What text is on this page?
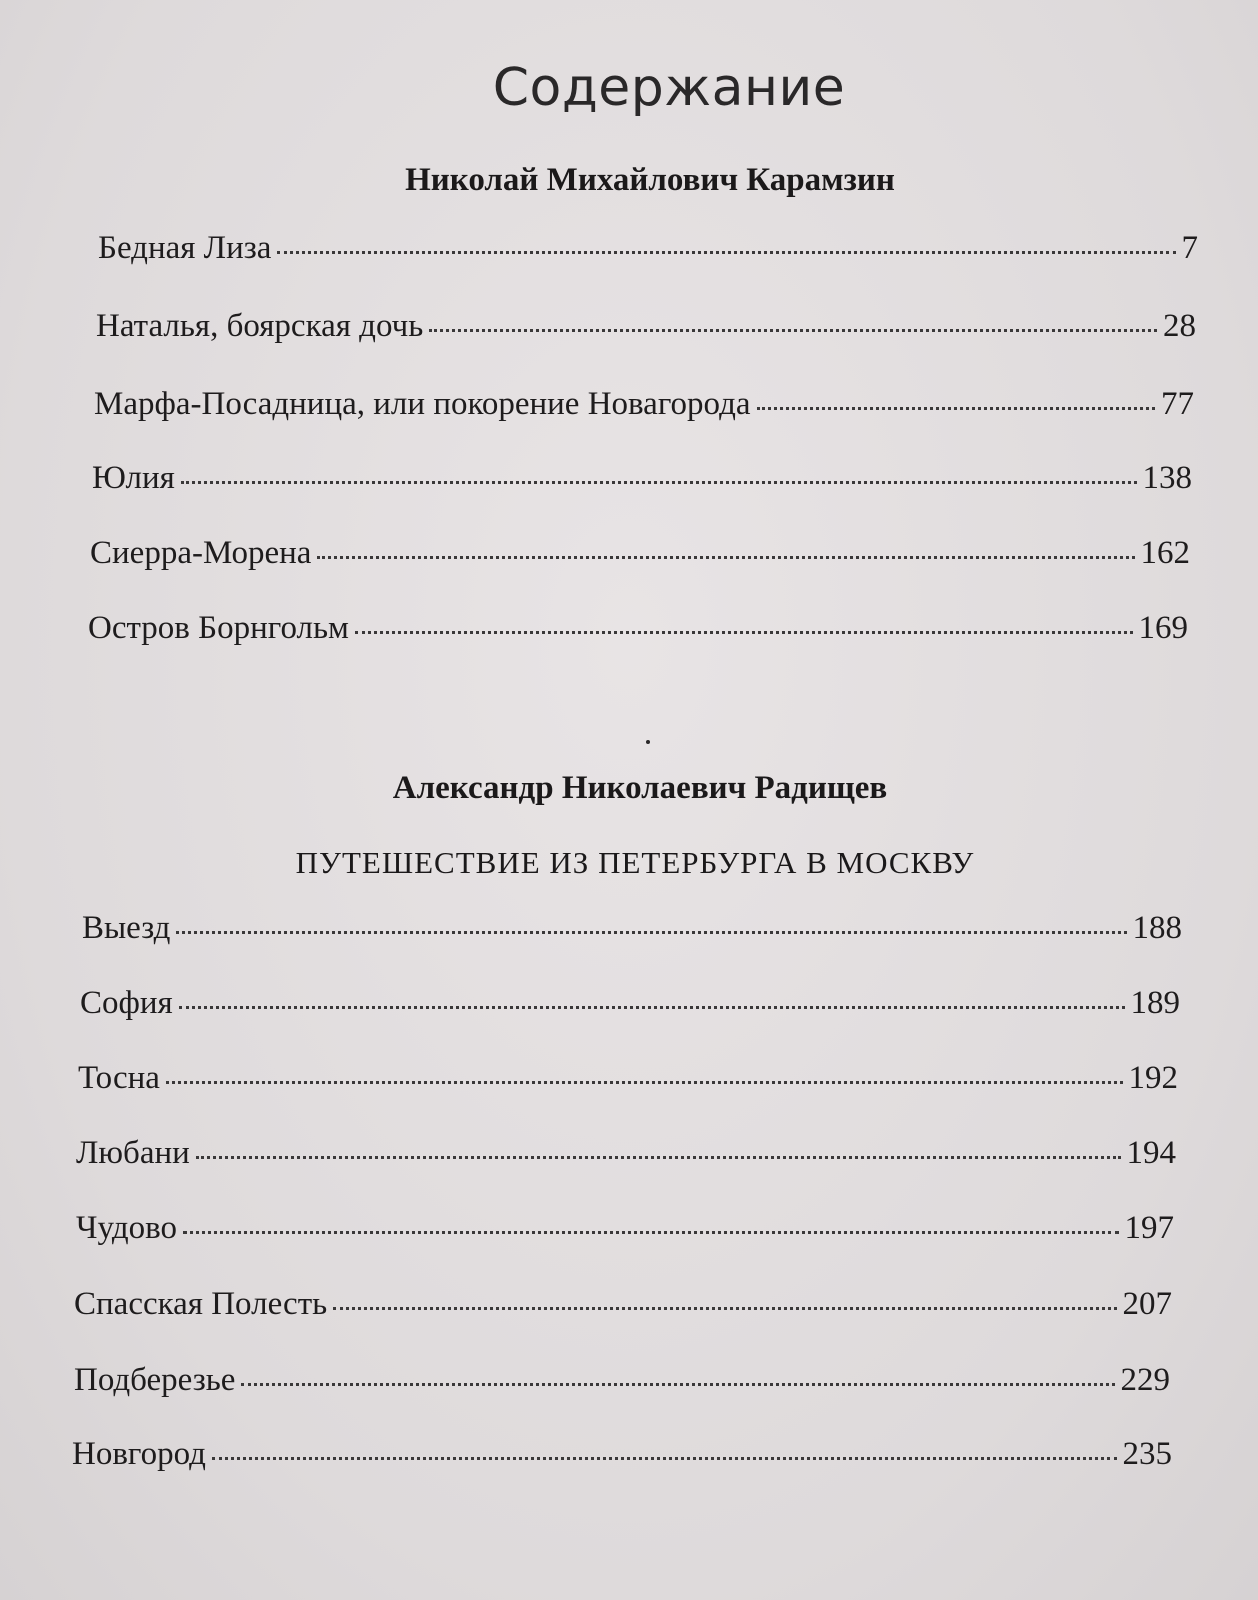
Содержание
Николай Михайлович Карамзин
Бедная Лиза	7
Наталья, боярская дочь	28
Марфа-Посадница, или покорение Новагорода	77
Юлия	138
Сиерра-Морена	162
Остров Борнгольм	169
Александр Николаевич Радищев
ПУТЕШЕСТВИЕ ИЗ ПЕТЕРБУРГА В МОСКВУ
Выезд	188
София	189
Тосна	192
Любани	194
Чудово	197
Спасская Полесть	207
Подберезье	229
Новгород	235
